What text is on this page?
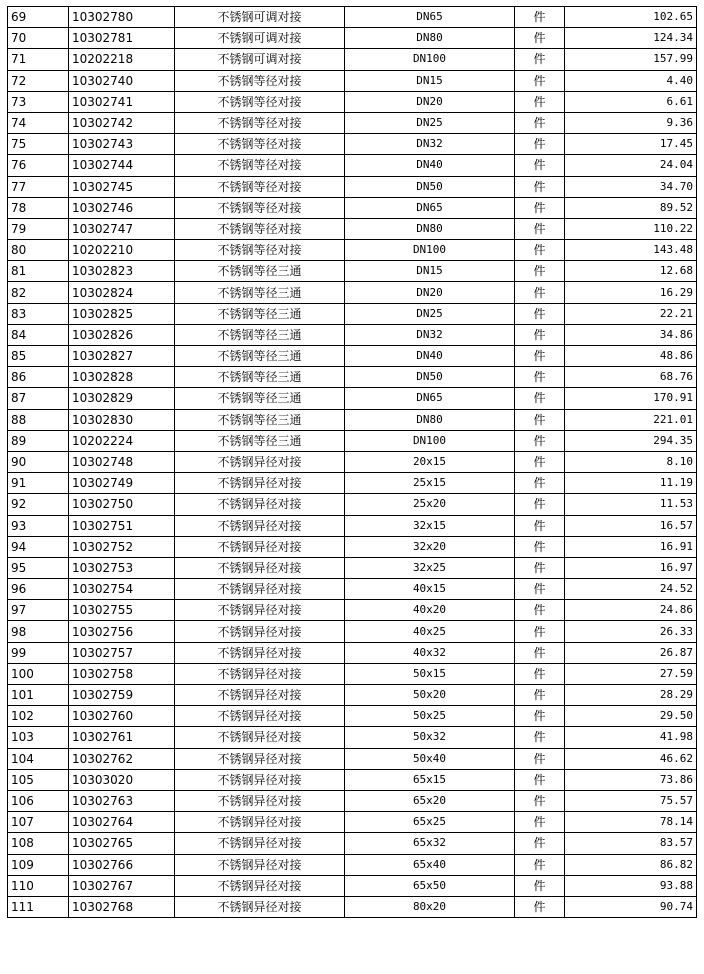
69	10302780	不锈钢可调对接	DN65	件	102.65
70	10302781	不锈钢可调对接	DN80	件	124.34
71	10202218	不锈钢可调对接	DN100	件	157.99
72	10302740	不锈钢等径对接	DN15	件	4.40
73	10302741	不锈钢等径对接	DN20	件	6.61
74	10302742	不锈钢等径对接	DN25	件	9.36
75	10302743	不锈钢等径对接	DN32	件	17.45
76	10302744	不锈钢等径对接	DN40	件	24.04
77	10302745	不锈钢等径对接	DN50	件	34.70
78	10302746	不锈钢等径对接	DN65	件	89.52
79	10302747	不锈钢等径对接	DN80	件	110.22
80	10202210	不锈钢等径对接	DN100	件	143.48
81	10302823	不锈钢等径三通	DN15	件	12.68
82	10302824	不锈钢等径三通	DN20	件	16.29
83	10302825	不锈钢等径三通	DN25	件	22.21
84	10302826	不锈钢等径三通	DN32	件	34.86
85	10302827	不锈钢等径三通	DN40	件	48.86
86	10302828	不锈钢等径三通	DN50	件	68.76
87	10302829	不锈钢等径三通	DN65	件	170.91
88	10302830	不锈钢等径三通	DN80	件	221.01
89	10202224	不锈钢等径三通	DN100	件	294.35
90	10302748	不锈钢异径对接	20x15	件	8.10
91	10302749	不锈钢异径对接	25x15	件	11.19
92	10302750	不锈钢异径对接	25x20	件	11.53
93	10302751	不锈钢异径对接	32x15	件	16.57
94	10302752	不锈钢异径对接	32x20	件	16.91
95	10302753	不锈钢异径对接	32x25	件	16.97
96	10302754	不锈钢异径对接	40x15	件	24.52
97	10302755	不锈钢异径对接	40x20	件	24.86
98	10302756	不锈钢异径对接	40x25	件	26.33
99	10302757	不锈钢异径对接	40x32	件	26.87
100	10302758	不锈钢异径对接	50x15	件	27.59
101	10302759	不锈钢异径对接	50x20	件	28.29
102	10302760	不锈钢异径对接	50x25	件	29.50
103	10302761	不锈钢异径对接	50x32	件	41.98
104	10302762	不锈钢异径对接	50x40	件	46.62
105	10303020	不锈钢异径对接	65x15	件	73.86
106	10302763	不锈钢异径对接	65x20	件	75.57
107	10302764	不锈钢异径对接	65x25	件	78.14
108	10302765	不锈钢异径对接	65x32	件	83.57
109	10302766	不锈钢异径对接	65x40	件	86.82
110	10302767	不锈钢异径对接	65x50	件	93.88
111	10302768	不锈钢异径对接	80x20	件	90.74
